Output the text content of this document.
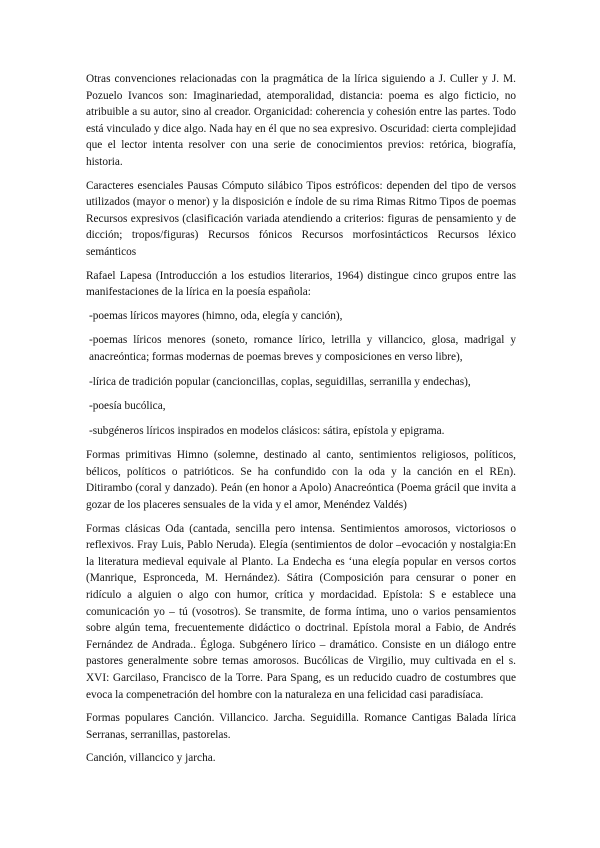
Otras convenciones relacionadas con la pragmática de la lírica siguiendo a J. Culler y J. M. Pozuelo Ivancos son: Imaginariedad, atemporalidad, distancia: poema es algo ficticio, no atribuible a su autor, sino al creador. Organicidad: coherencia y cohesión entre las partes. Todo está vinculado y dice algo. Nada hay en él que no sea expresivo. Oscuridad: cierta complejidad que el lector intenta resolver con una serie de conocimientos previos: retórica, biografía, historia.

Caracteres esenciales Pausas Cómputo silábico Tipos estróficos: dependen del tipo de versos utilizados (mayor o menor) y la disposición e índole de su rima Rimas Ritmo Tipos de poemas Recursos expresivos (clasificación variada atendiendo a criterios: figuras de pensamiento y de dicción; tropos/figuras) Recursos fónicos Recursos morfosintácticos Recursos léxico semánticos

Rafael Lapesa (Introducción a los estudios literarios, 1964) distingue cinco grupos entre las manifestaciones de la lírica en la poesía española:

-poemas líricos mayores (himno, oda, elegía y canción),

-poemas líricos menores (soneto, romance lírico, letrilla y villancico, glosa, madrigal y anacreóntica; formas modernas de poemas breves y composiciones en verso libre),

-lírica de tradición popular (cancioncillas, coplas, seguidillas, serranilla y endechas),

-poesía bucólica,

-subgéneros líricos inspirados en modelos clásicos: sátira, epístola y epigrama.

Formas primitivas Himno (solemne, destinado al canto, sentimientos religiosos, políticos, bélicos, políticos o patrióticos. Se ha confundido con la oda y la canción en el REn). Ditirambo (coral y danzado). Peán (en honor a Apolo) Anacreóntica (Poema grácil que invita a gozar de los placeres sensuales de la vida y el amor, Menéndez Valdés)

Formas clásicas Oda (cantada, sencilla pero intensa. Sentimientos amorosos, victoriosos o reflexivos. Fray Luis, Pablo Neruda). Elegía (sentimientos de dolor –evocación y nostalgia:En la literatura medieval equivale al Planto. La Endecha es ‘una elegía popular en versos cortos (Manrique, Espronceda, M. Hernández). Sátira (Composición para censurar o poner en ridículo a alguien o algo con humor, crítica y mordacidad. Epístola: S e establece una comunicación yo – tú (vosotros). Se transmite, de forma íntima, uno o varios pensamientos sobre algún tema, frecuentemente didáctico o doctrinal. Epístola moral a Fabio, de Andrés Fernández de Andrada.. Égloga. Subgénero lírico – dramático. Consiste en un diálogo entre pastores generalmente sobre temas amorosos. Bucólicas de Virgilio, muy cultivada en el s. XVI: Garcilaso, Francisco de la Torre. Para Spang, es un reducido cuadro de costumbres que evoca la compenetración del hombre con la naturaleza en una felicidad casi paradisíaca.

Formas populares Canción. Villancico. Jarcha. Seguidilla. Romance Cantigas Balada lírica Serranas, serranillas, pastorelas.

Canción, villancico y jarcha.
